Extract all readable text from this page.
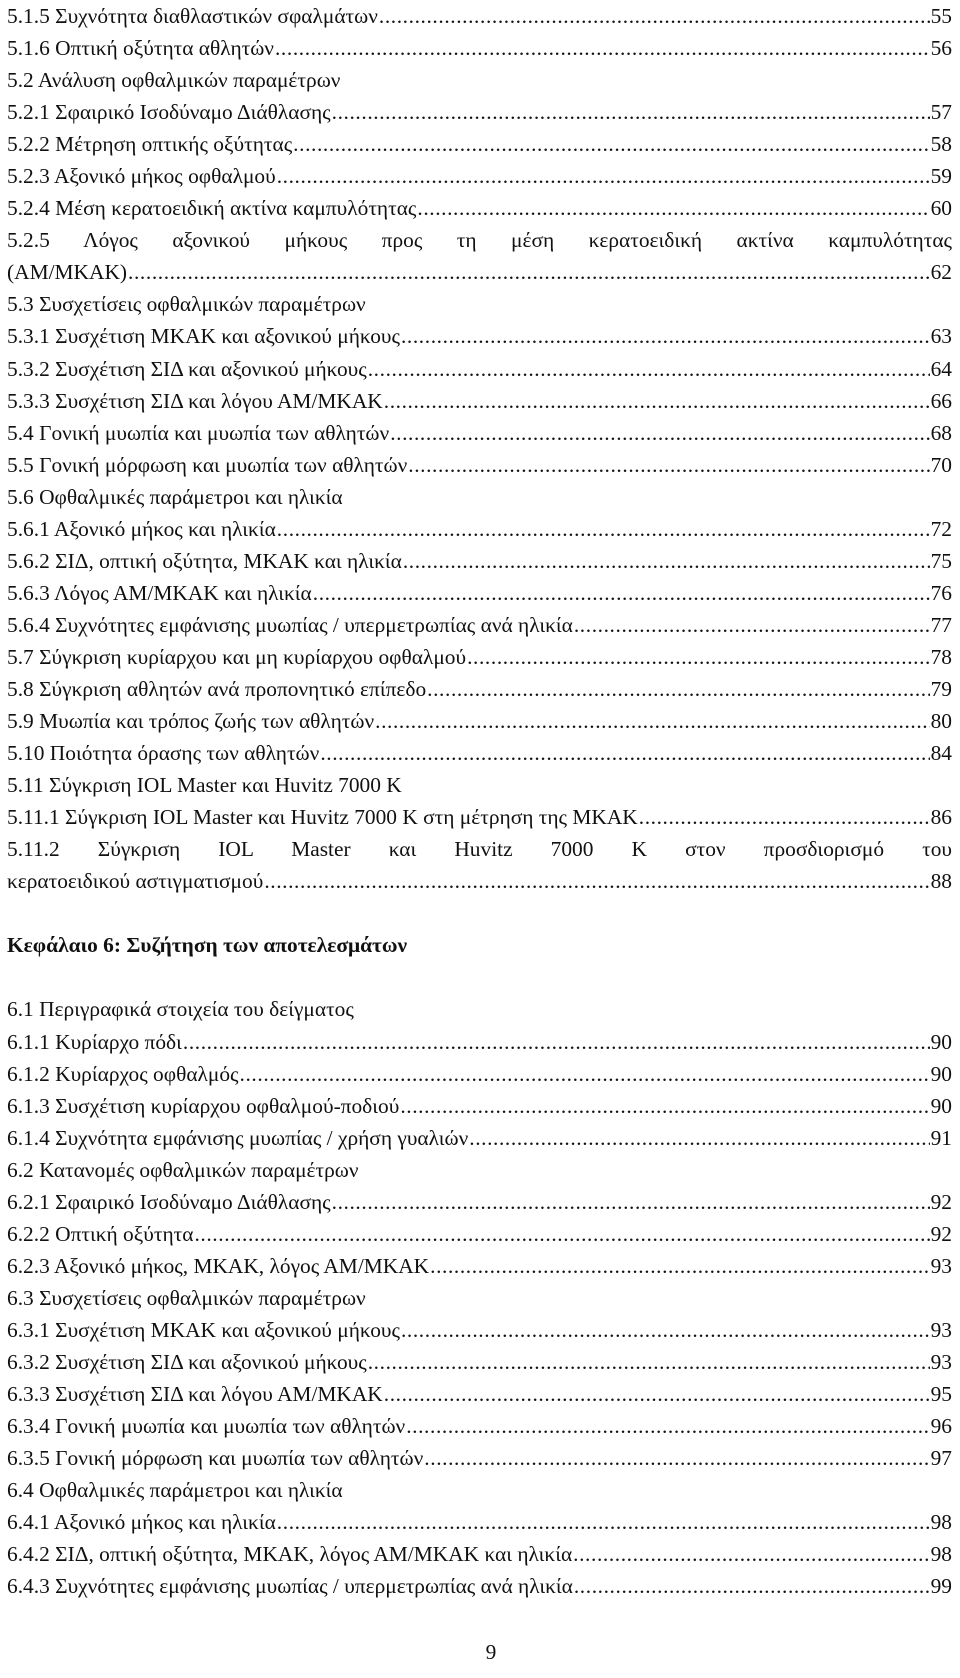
5.1.5 Συχνότητα διαθλαστικών σφαλμάτων .....	55
5.1.6 Οπτική οξύτητα αθλητών .....	56
5.2 Ανάλυση οφθαλμικών παραμέτρων
5.2.1 Σφαιρικό Ισοδύναμο Διάθλασης .....	57
5.2.2 Μέτρηση οπτικής οξύτητας .....	58
5.2.3 Αξονικό μήκος οφθαλμού .....	59
5.2.4 Μέση κερατοειδική ακτίνα καμπυλότητας .....	60
5.2.5 Λόγος αξονικού μήκους προς τη μέση κερατοειδική ακτίνα καμπυλότητας
(ΑΜ/ΜΚΑΚ) .....	62
5.3 Συσχετίσεις οφθαλμικών παραμέτρων
5.3.1 Συσχέτιση ΜΚΑΚ και αξονικού μήκους .....	63
5.3.2 Συσχέτιση ΣΙΔ και αξονικού μήκους .....	64
5.3.3 Συσχέτιση ΣΙΔ και λόγου ΑΜ/ΜΚΑΚ .....	66
5.4 Γονική μυωπία και μυωπία των αθλητών .....	68
5.5 Γονική μόρφωση και μυωπία των αθλητών .....	70
5.6 Οφθαλμικές παράμετροι και ηλικία
5.6.1 Αξονικό μήκος και ηλικία .....	72
5.6.2 ΣΙΔ, οπτική οξύτητα, ΜΚΑΚ και ηλικία .....	75
5.6.3 Λόγος ΑΜ/ΜΚΑΚ και ηλικία .....	76
5.6.4 Συχνότητες εμφάνισης μυωπίας / υπερμετρωπίας ανά ηλικία .....	77
5.7 Σύγκριση κυρίαρχου και μη κυρίαρχου οφθαλμού .....	78
5.8 Σύγκριση αθλητών ανά προπονητικό επίπεδο .....	79
5.9 Μυωπία και τρόπος ζωής των αθλητών .....	80
5.10 Ποιότητα όρασης των αθλητών .....	84
5.11 Σύγκριση IOL Master και Huvitz 7000 K
5.11.1 Σύγκριση IOL Master και Huvitz 7000 K στη μέτρηση της ΜΚΑΚ .....	86
5.11.2 Σύγκριση IOL Master και Huvitz 7000 K στον προσδιορισμό του
κερατοειδικού αστιγματισμού .....	88
Κεφάλαιο 6: Συζήτηση των αποτελεσμάτων
6.1 Περιγραφικά στοιχεία του δείγματος
6.1.1 Κυρίαρχο πόδι .....	90
6.1.2 Κυρίαρχος οφθαλμός .....	90
6.1.3 Συσχέτιση κυρίαρχου οφθαλμού-ποδιού .....	90
6.1.4 Συχνότητα εμφάνισης μυωπίας / χρήση γυαλιών .....	91
6.2 Κατανομές οφθαλμικών παραμέτρων
6.2.1 Σφαιρικό Ισοδύναμο Διάθλασης .....	92
6.2.2 Οπτική οξύτητα .....	92
6.2.3 Αξονικό μήκος, ΜΚΑΚ, λόγος ΑΜ/ΜΚΑΚ .....	93
6.3 Συσχετίσεις οφθαλμικών παραμέτρων
6.3.1 Συσχέτιση ΜΚΑΚ και αξονικού μήκους .....	93
6.3.2 Συσχέτιση ΣΙΔ και αξονικού μήκους .....	93
6.3.3 Συσχέτιση ΣΙΔ και λόγου ΑΜ/ΜΚΑΚ .....	95
6.3.4 Γονική μυωπία και μυωπία των αθλητών .....	96
6.3.5 Γονική μόρφωση και μυωπία των αθλητών .....	97
6.4 Οφθαλμικές παράμετροι και ηλικία
6.4.1 Αξονικό μήκος και ηλικία .....	98
6.4.2 ΣΙΔ, οπτική οξύτητα, ΜΚΑΚ, λόγος ΑΜ/ΜΚΑΚ και ηλικία .....	98
6.4.3 Συχνότητες εμφάνισης μυωπίας / υπερμετρωπίας ανά ηλικία .....	99
9
